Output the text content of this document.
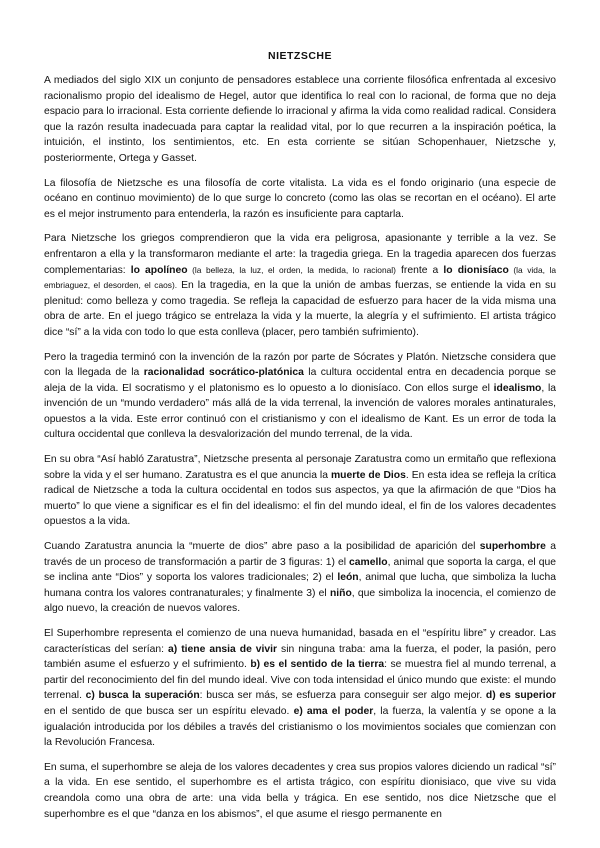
NIETZSCHE

A mediados del siglo XIX un conjunto de pensadores establece una corriente filosófica enfrentada al excesivo racionalismo propio del idealismo de Hegel, autor que identifica lo real con lo racional, de forma que no deja espacio para lo irracional. Esta corriente defiende lo irracional y afirma la vida como realidad radical. Considera que la razón resulta inadecuada para captar la realidad vital, por lo que recurren a la inspiración poética, la intuición, el instinto, los sentimientos, etc. En esta corriente se sitúan Schopenhauer, Nietzsche y, posteriormente, Ortega y Gasset.

La filosofía de Nietzsche es una filosofía de corte vitalista. La vida es el fondo originario (una especie de océano en continuo movimiento) de lo que surge lo concreto (como las olas se recortan en el océano). El arte es el mejor instrumento para entenderla, la razón es insuficiente para captarla.

Para Nietzsche los griegos comprendieron que la vida era peligrosa, apasionante y terrible a la vez. Se enfrentaron a ella y la transformaron mediante el arte: la tragedia griega. En la tragedia aparecen dos fuerzas complementarias: lo apolíneo (la belleza, la luz, el orden, la medida, lo racional) frente a lo dionisíaco (la vida, la embriaguez, el desorden, el caos). En la tragedia, en la que la unión de ambas fuerzas, se entiende la vida en su plenitud: como belleza y como tragedia. Se refleja la capacidad de esfuerzo para hacer de la vida misma una obra de arte. En el juego trágico se entrelaza la vida y la muerte, la alegría y el sufrimiento. El artista trágico dice “sí” a la vida con todo lo que esta conlleva (placer, pero también sufrimiento).

Pero la tragedia terminó con la invención de la razón por parte de Sócrates y Platón. Nietzsche considera que con la llegada de la racionalidad socrático-platónica la cultura occidental entra en decadencia porque se aleja de la vida. El socratismo y el platonismo es lo opuesto a lo dionisíaco. Con ellos surge el idealismo, la invención de un “mundo verdadero” más allá de la vida terrenal, la invención de valores morales antinaturales, opuestos a la vida. Este error continuó con el cristianismo y con el idealismo de Kant. Es un error de toda la cultura occidental que conlleva la desvalorización del mundo terrenal, de la vida.

En su obra “Así habló Zaratustra”, Nietzsche presenta al personaje Zaratustra como un ermitaño que reflexiona sobre la vida y el ser humano. Zaratustra es el que anuncia la muerte de Dios. En esta idea se refleja la crítica radical de Nietzsche a toda la cultura occidental en todos sus aspectos, ya que la afirmación de que “Dios ha muerto” lo que viene a significar es el fin del idealismo: el fin del mundo ideal, el fin de los valores decadentes opuestos a la vida.

Cuando Zaratustra anuncia la “muerte de dios” abre paso a la posibilidad de aparición del superhombre a través de un proceso de transformación a partir de 3 figuras: 1) el camello, animal que soporta la carga, el que se inclina ante “Dios” y soporta los valores tradicionales; 2) el león, animal que lucha, que simboliza la lucha humana contra los valores contranaturales; y finalmente 3) el niño, que simboliza la inocencia, el comienzo de algo nuevo, la creación de nuevos valores.

El Superhombre representa el comienzo de una nueva humanidad, basada en el “espíritu libre” y creador. Las características del serían: a) tiene ansia de vivir sin ninguna traba: ama la fuerza, el poder, la pasión, pero también asume el esfuerzo y el sufrimiento. b) es el sentido de la tierra: se muestra fiel al mundo terrenal, a partir del reconocimiento del fin del mundo ideal. Vive con toda intensidad el único mundo que existe: el mundo terrenal. c) busca la superación: busca ser más, se esfuerza para conseguir ser algo mejor. d) es superior en el sentido de que busca ser un espíritu elevado. e) ama el poder, la fuerza, la valentía y se opone a la igualación introducida por los débiles a través del cristianismo o los movimientos sociales que comienzan con la Revolución Francesa.

En suma, el superhombre se aleja de los valores decadentes y crea sus propios valores diciendo un radical “sí” a la vida. En ese sentido, el superhombre es el artista trágico, con espíritu dionisiaco, que vive su vida creandola como una obra de arte: una vida bella y trágica. En ese sentido, nos dice Nietzsche que el superhombre es el que “danza en los abismos”, el que asume el riesgo permanente en
